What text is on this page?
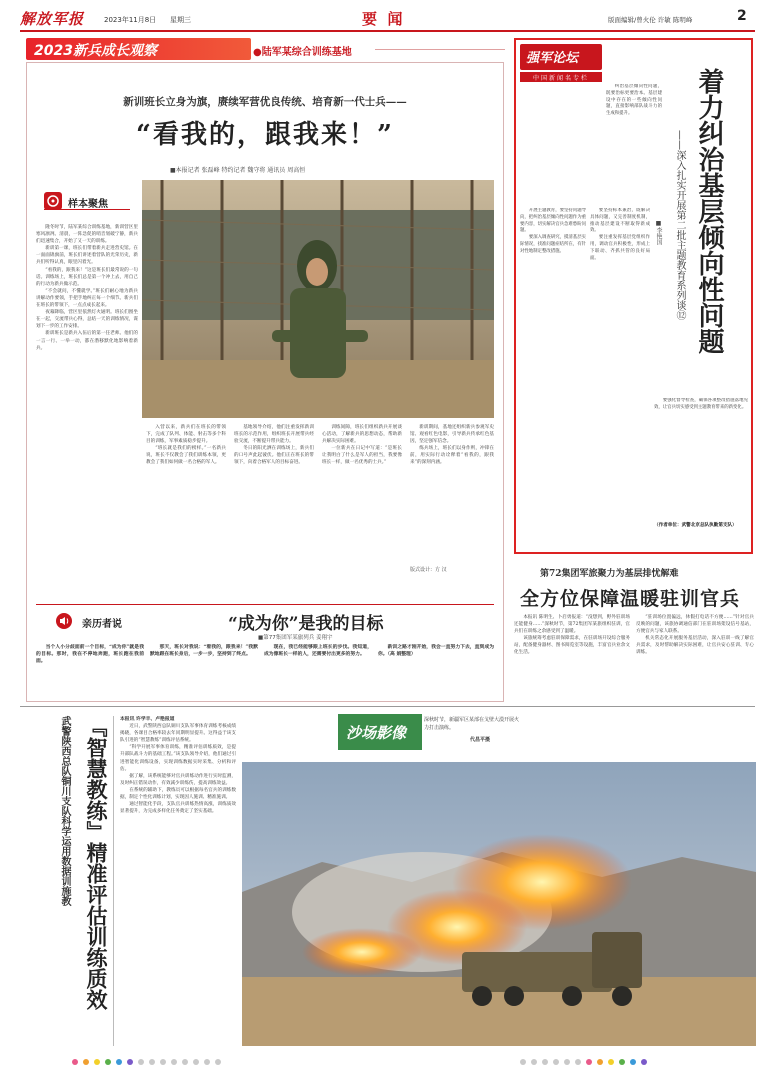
解放军报	2023年11月8日 星期三	要  闻	版面编辑/曾火伦 许敏 陈明峰	2
2023新兵成长观察	●陆军某综合训练基地
新训班长立身为旗，赓续军营优良传统、培育新一代士兵——
“看我的，跟我来！”
■本报记者 张磊峰 特约记者 魏守将 通讯员 周高恒
样本聚焦

隆冬时节，陆军某综合训练基地，新训营区里寒风凛冽。清晨，一阵急促的哨音划破宁静，新兵们迅速集合，开始了又一天的训练。

新训第一课，班长们带着新兵走进营史馆。在一面面锦旗前，班长们讲述着营队的光荣历史，新兵们听得认真，眼里闪着光。

“看我的，跟我来！”这是班长们最常说的一句话。训练场上，班长们总是第一个冲上去，用自己的行动为新兵做示范。

“不会就问，不懂就学。”班长们耐心地为新兵讲解动作要领，手把手地纠正每一个细节。新兵们在班长的带领下，一点点成长起来。

夜幕降临，营区里依然灯火通明。班长们围坐在一起，交流带兵心得，总结一天的训练情况，谋划下一步的工作安排。

新训班长是新兵入伍后的第一任老师。他们的一言一行、一举一动，都在潜移默化地影响着新兵。

入营以来，新兵们在班长的带领下，完成了队列、体能、射击等多个科目的训练，军事素质稳步提升。

“班长就是我们的榜样。”一名新兵说，班长不仅教会了我们训练本领，更教会了我们如何做一名合格的军人。

基地领导介绍，他们注重发挥新训班长的示范作用，组织班长开展带兵经验交流，不断提升带兵能力。

冬日的阳光洒在训练场上，新兵们的口号声此起彼伏。他们正在班长的带领下，向着合格军人的目标奋进。

训练间隙，班长们组织新兵开展谈心活动，了解新兵的思想动态，帮助新兵解决实际困难。

一位新兵在日记中写道：“是班长让我明白了什么是军人的担当，我要像班长一样，做一名优秀的士兵。”

新训期间，基地还组织新兵参观军史馆、观看红色电影，引导新兵传承红色基因，坚定强军信念。

练兵场上，班长们以身作则，冲锋在前，用实际行动诠释着“看我的，跟我来”的深刻内涵。

版式设计：方 汉
亲历者说	“成为你”是我的目标
■第77集团军某旅列兵 姜翔宇

当个人小分歧面前一个目标，“成为你”就是我的目标。那时，我在不停地奔跑，班长跑在我前面。

那天，班长对我说：“看我的，跟我来！”我默默地跟在班长身后，一步一步，坚持到了终点。

现在，我已经能够跟上班长的步伐。我知道，成为像班长一样的人，还需要付出更多的努力。

新训之路才刚开始，我会一直努力下去，直到成为你。（高 娟整理）

强军论坛
中国新闻名专栏	着力纠治基层倾向性问题
——深入扎实开展第二批主题教育系列谈⑫
■李艳国

纠治基层倾向性问题，既要治标更要治本。基层建设中存在的一些倾向性问题，直接影响部队战斗力的生成和提升。

开展主题教育，要坚持问题导向，把纠治基层倾向性问题作为重要内容，切实解决官兵急难愁盼问题。

要深入调查研究，摸清基层实际情况，找准问题症结所在，有针对性地制定整改措施。

要坚持标本兼治，既解决具体问题，又完善制度机制，推动基层建设不断取得新成效。

要注重发挥基层党组织作用，调动官兵积极性，形成上下联动、齐抓共管的良好局面。

要强化督导检查，确保各项整改措施落地见效，让官兵切实感受到主题教育带来的新变化。

（作者单位：武警北京总队执勤第支队）
第72集团军旅聚力为基层排忧解难
全方位保障温暖驻训官兵

本报讯 陈明生、卜启勇报道：“没想到，野外驻训场还能健身……”深秋时节，第72集团军某旅组织驻训，官兵们在训练之余感受到了温暖。

该旅统筹考虑驻训保障需求，在驻训场开设综合服务站，配备健身器材、图书阅览室等设施，丰富官兵业余文化生活。

“驻训场位置偏远，休假打电话不方便……”针对官兵反映的问题，该旅协调通信部门在驻训场架设信号基站，方便官兵与家人联系。

机关常态化开展服务基层活动，深入驻训一线了解官兵需求，及时帮助解决实际困难，让官兵安心驻训、专心训练。

『智慧教练』精准评估训练质效
武警陕西总队铜川支队科学运用数据训施教	本报讯 许学丰、卢艳报道

近日，武警陕西总队铜川支队军事体育训练考核成绩揭晓，各课目合格率较去年同期明显提升。这得益于该支队引进的“智慧教练”训练评估系统。

“科学开展军事体育训练，精准评估训练质效，是提升部队战斗力的基础工程。”该支队领导介绍，他们通过引进智能化训练设备，实现训练数据实时采集、分析和评估。

据了解，该系统能够对官兵训练动作进行实时监测，及时纠正错误动作，有效减少训练伤，提高训练效益。

在系统的辅助下，教练员可以根据每名官兵的训练数据，制定个性化训练计划，实现因人施训、精准施训。

通过智能化手段，支队官兵训练热情高涨，训练质效显著提升，为完成多样化任务奠定了坚实基础。

沙场影像
深秋时节，新疆军区某部在戈壁大漠开展火力打击演练。
代昌平摄
